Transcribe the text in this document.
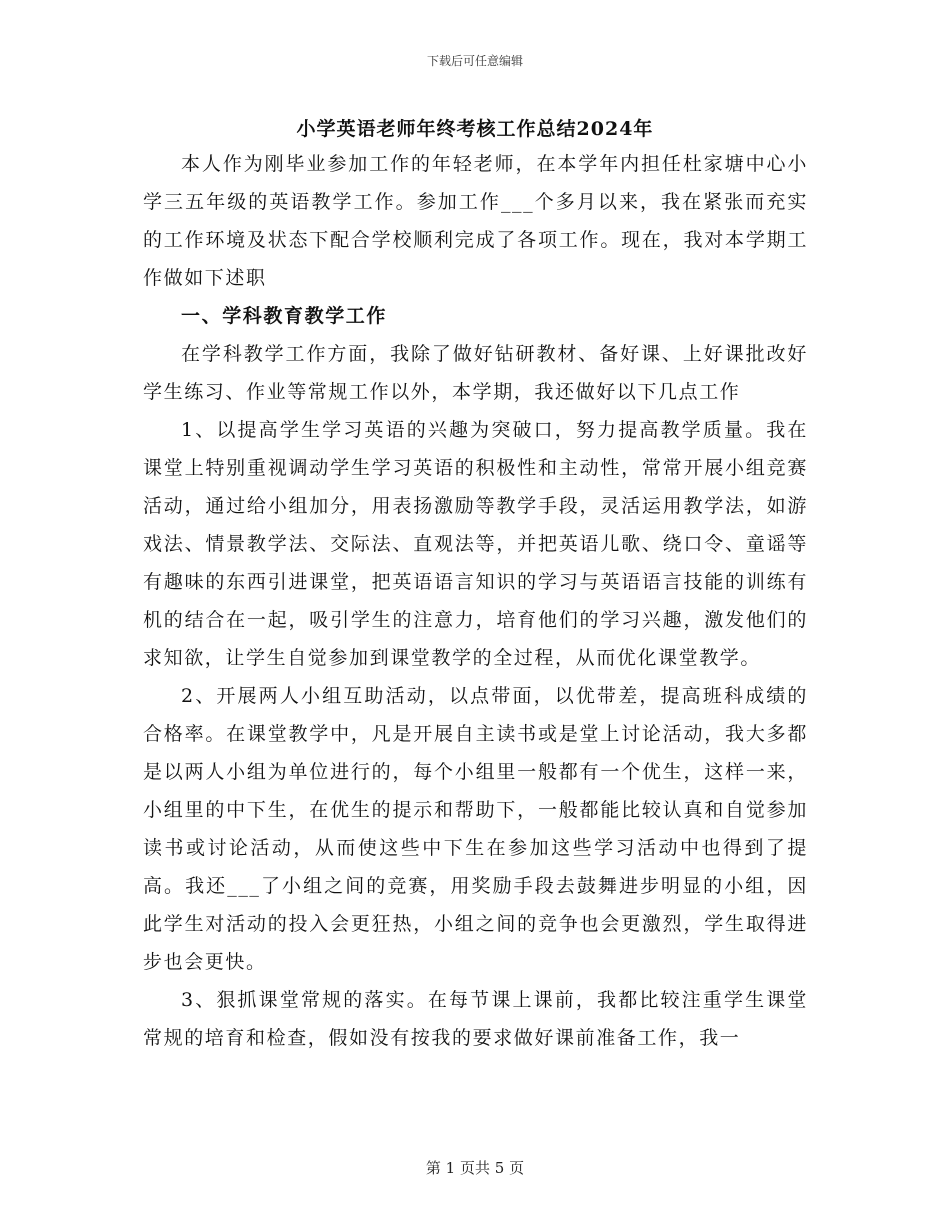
下载后可任意编辑
小学英语老师年终考核工作总结2024年

本人作为刚毕业参加工作的年轻老师，在本学年内担任杜家塘中心小学三五年级的英语教学工作。参加工作___个多月以来，我在紧张而充实的工作环境及状态下配合学校顺利完成了各项工作。现在，我对本学期工作做如下述职

一、学科教育教学工作

在学科教学工作方面，我除了做好钻研教材、备好课、上好课批改好学生练习、作业等常规工作以外，本学期，我还做好以下几点工作

1、以提高学生学习英语的兴趣为突破口，努力提高教学质量。我在课堂上特别重视调动学生学习英语的积极性和主动性，常常开展小组竞赛活动，通过给小组加分，用表扬激励等教学手段，灵活运用教学法，如游戏法、情景教学法、交际法、直观法等，并把英语儿歌、绕口令、童谣等有趣味的东西引进课堂，把英语语言知识的学习与英语语言技能的训练有机的结合在一起，吸引学生的注意力，培育他们的学习兴趣，激发他们的求知欲，让学生自觉参加到课堂教学的全过程，从而优化课堂教学。

2、开展两人小组互助活动，以点带面，以优带差，提高班科成绩的合格率。在课堂教学中，凡是开展自主读书或是堂上讨论活动，我大多都是以两人小组为单位进行的，每个小组里一般都有一个优生，这样一来，小组里的中下生，在优生的提示和帮助下，一般都能比较认真和自觉参加读书或讨论活动，从而使这些中下生在参加这些学习活动中也得到了提高。我还___了小组之间的竞赛，用奖励手段去鼓舞进步明显的小组，因此学生对活动的投入会更狂热，小组之间的竞争也会更激烈，学生取得进步也会更快。

3、狠抓课堂常规的落实。在每节课上课前，我都比较注重学生课堂常规的培育和检查，假如没有按我的要求做好课前准备工作，我一

第 1 页共 5 页
